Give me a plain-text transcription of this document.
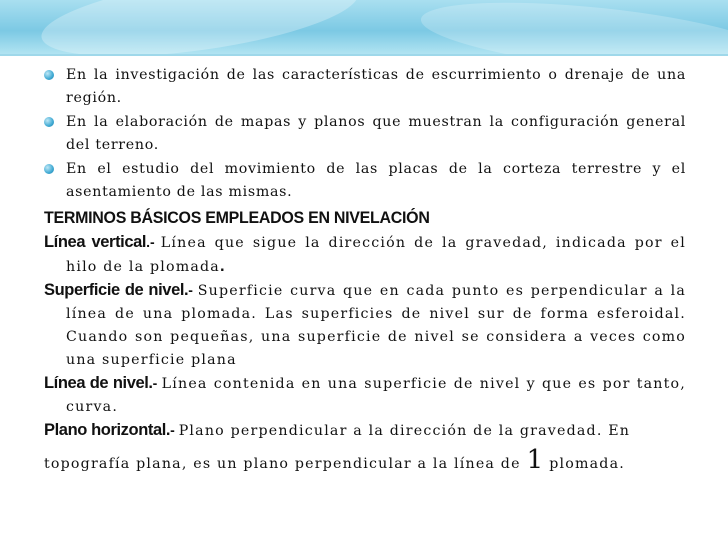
En la investigación de las características de escurrimiento o drenaje de una región.
En la elaboración de mapas y planos que muestran la configuración general del terreno.
En el estudio del movimiento de las placas de la corteza terrestre y el asentamiento de las mismas.
TERMINOS BÁSICOS EMPLEADOS EN NIVELACIÓN
Línea vertical.- Línea que sigue la dirección de la gravedad, indicada por el hilo de la plomada.
Superficie de nivel.- Superficie curva que en cada punto es perpendicular a la línea de una plomada. Las superficies de nivel sur de forma esferoidal. Cuando son pequeñas, una superficie de nivel se considera a veces como una superficie plana
Línea de nivel.- Línea contenida en una superficie de nivel y que es por tanto, curva.
Plano horizontal.- Plano perpendicular a la dirección de la gravedad. En
topografía plana, es un plano perpendicular a la línea de 1 plomada.
